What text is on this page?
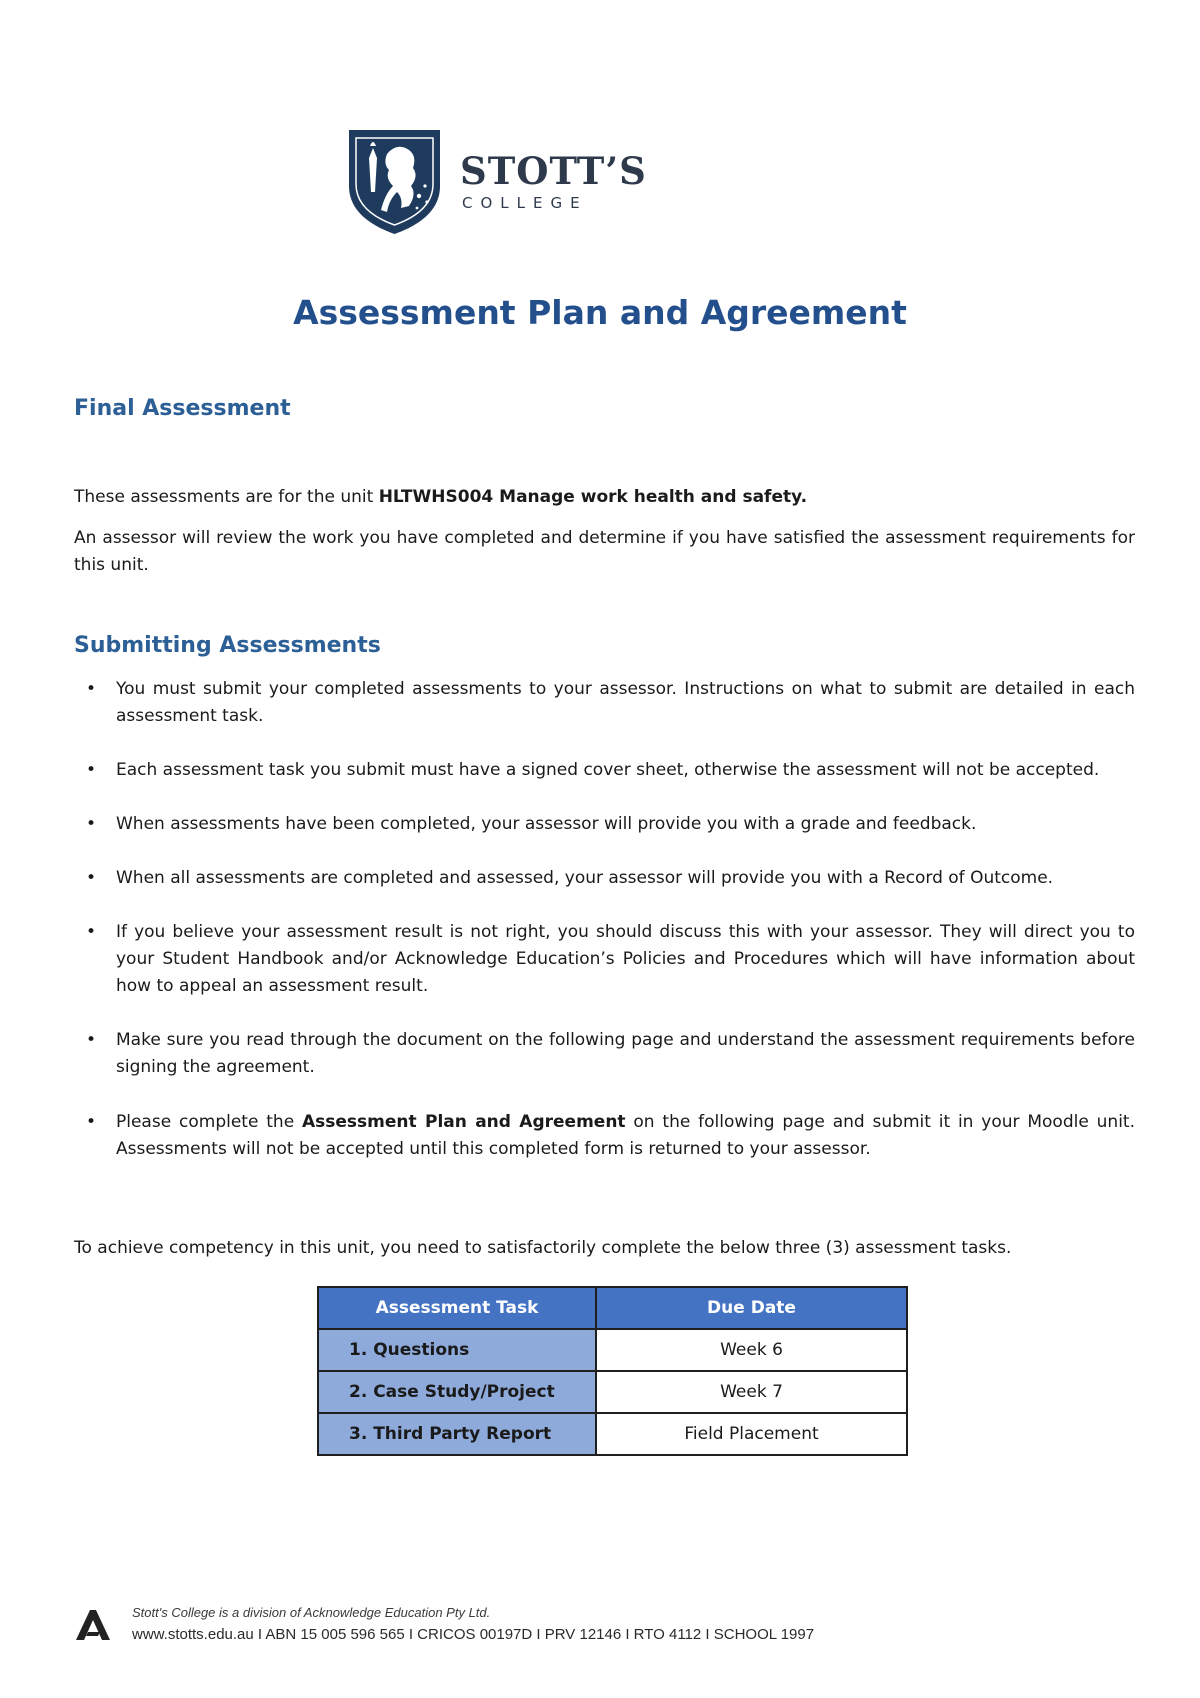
STOTT’S
COLLEGE
Assessment Plan and Agreement
Final Assessment
These assessments are for the unit HLTWHS004 Manage work health and safety.
An assessor will review the work you have completed and determine if you have satisfied the assessment requirements for this unit.
Submitting Assessments
• You must submit your completed assessments to your assessor. Instructions on what to submit are detailed in each assessment task.
• Each assessment task you submit must have a signed cover sheet, otherwise the assessment will not be accepted.
• When assessments have been completed, your assessor will provide you with a grade and feedback.
• When all assessments are completed and assessed, your assessor will provide you with a Record of Outcome.
• If you believe your assessment result is not right, you should discuss this with your assessor. They will direct you to your Student Handbook and/or Acknowledge Education’s Policies and Procedures which will have information about how to appeal an assessment result.
• Make sure you read through the document on the following page and understand the assessment requirements before signing the agreement.
• Please complete the Assessment Plan and Agreement on the following page and submit it in your Moodle unit. Assessments will not be accepted until this completed form is returned to your assessor.
To achieve competency in this unit, you need to satisfactorily complete the below three (3) assessment tasks.
Assessment Task	Due Date
1. Questions	Week 6
2. Case Study/Project	Week 7
3. Third Party Report	Field Placement
Stott's College is a division of Acknowledge Education Pty Ltd.
www.stotts.edu.au I ABN 15 005 596 565 I CRICOS 00197D I PRV 12146 I RTO 4112 I SCHOOL 1997
